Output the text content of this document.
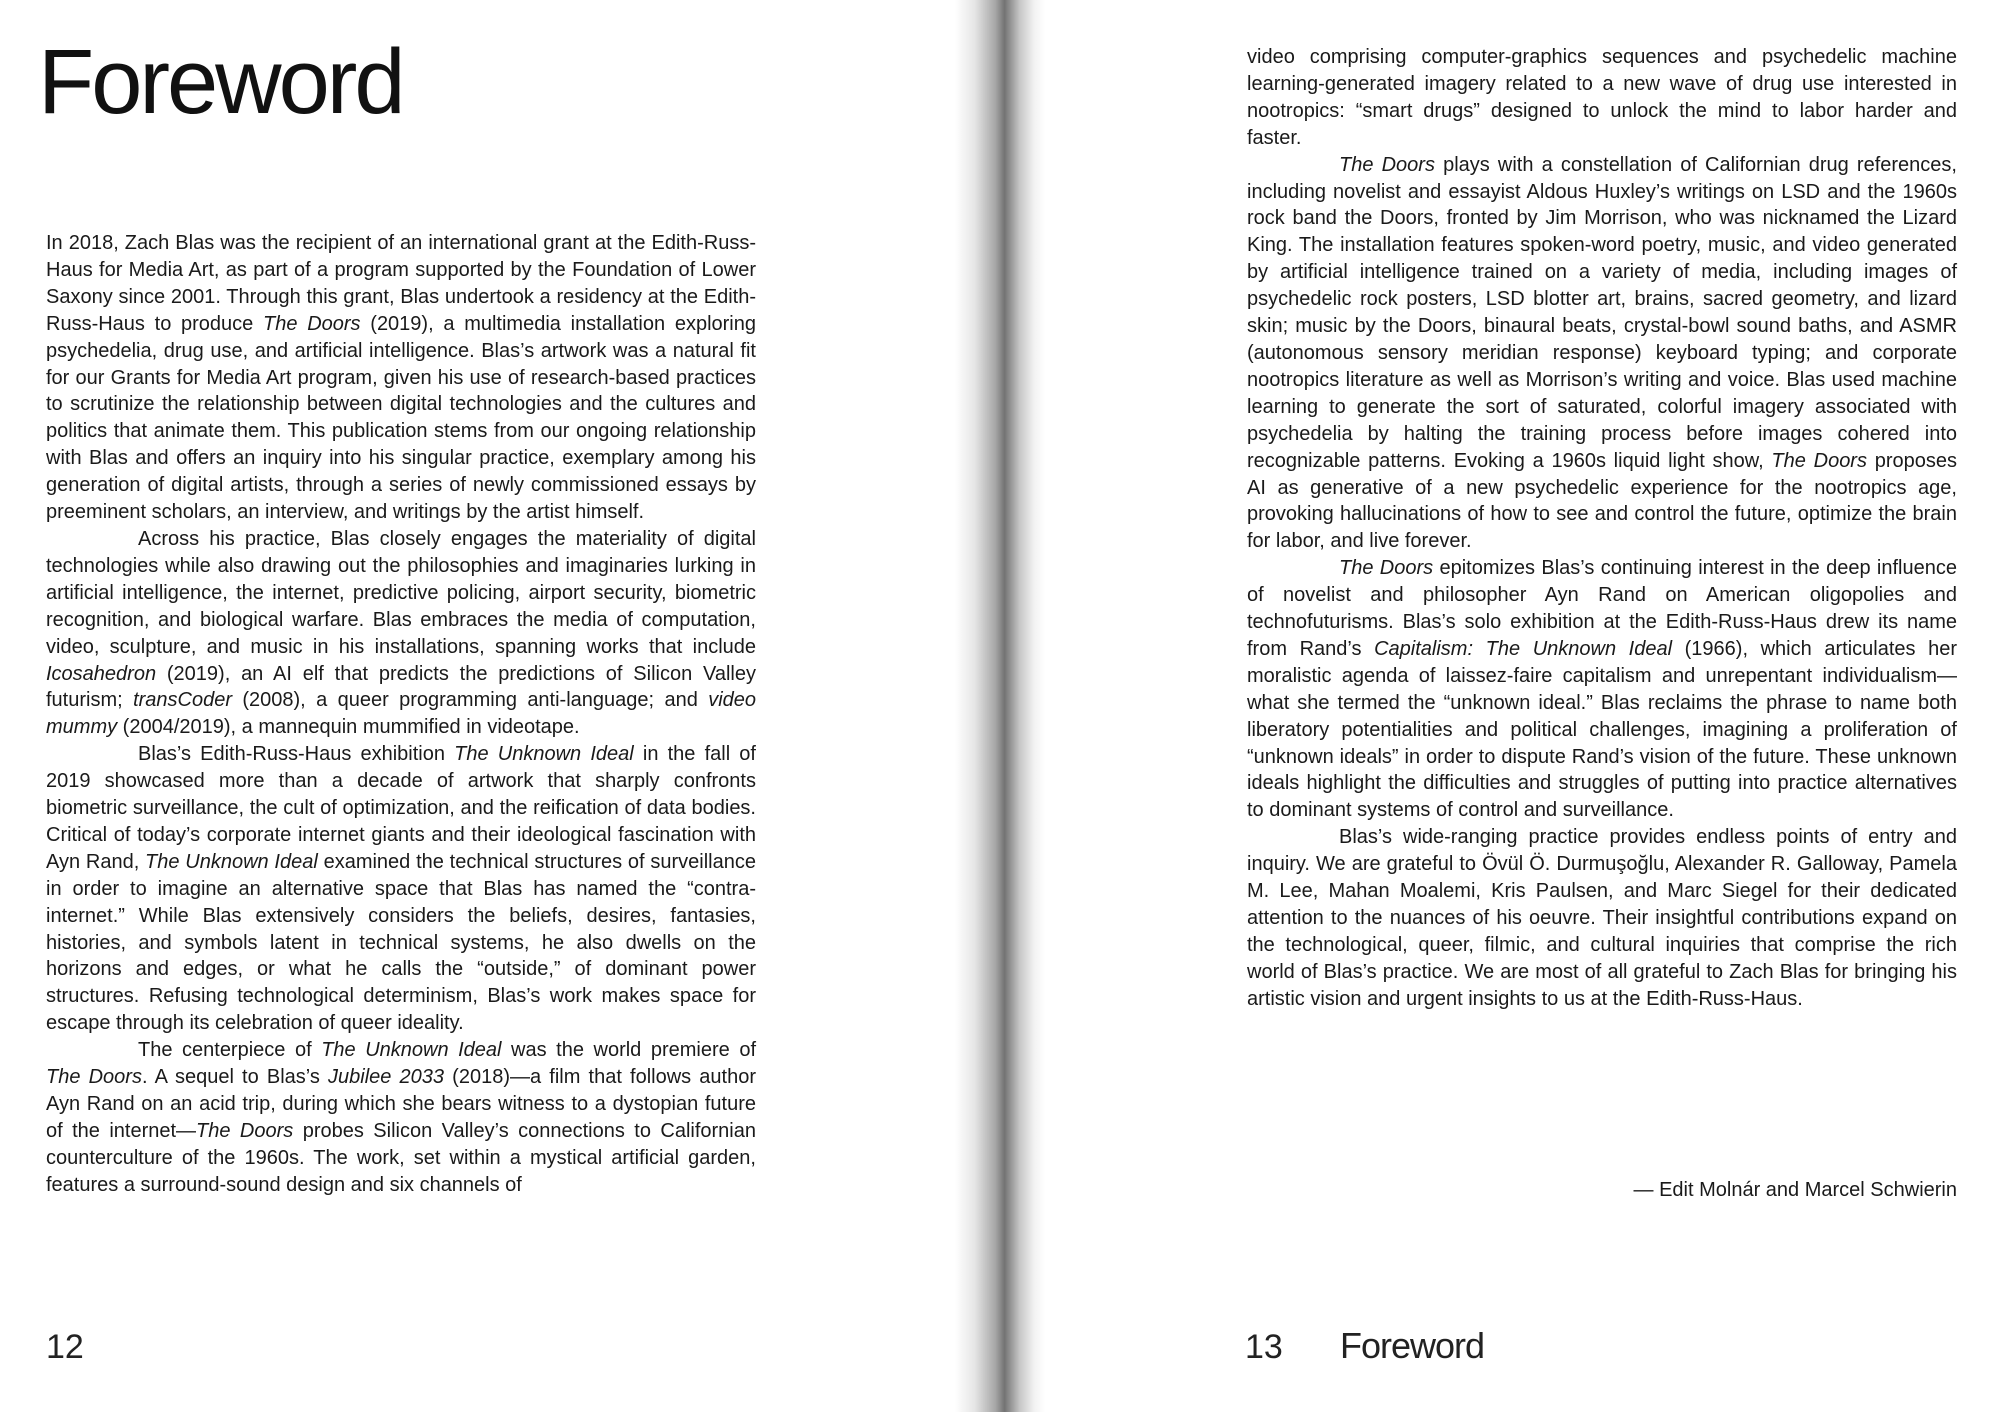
Foreword

In 2018, Zach Blas was the recipient of an international grant at the Edith-Russ-Haus for Media Art, as part of a program supported by the Foundation of Lower Saxony since 2001. Through this grant, Blas undertook a residency at the Edith-Russ-Haus to produce The Doors (2019), a multimedia installation exploring psychedelia, drug use, and artificial intelligence. Blas’s artwork was a natural fit for our Grants for Media Art program, given his use of research-based practices to scrutinize the relationship between digital technologies and the cultures and politics that animate them. This publication stems from our ongoing relationship with Blas and offers an inquiry into his singular practice, exemplary among his generation of digital artists, through a series of newly commissioned essays by preeminent scholars, an interview, and writings by the artist himself.

Across his practice, Blas closely engages the materiality of digital technologies while also drawing out the philosophies and imaginaries lurking in artificial intelligence, the internet, predictive policing, airport security, biometric recognition, and biological warfare. Blas embraces the media of computation, video, sculpture, and music in his installations, spanning works that include Icosahedron (2019), an AI elf that predicts the predictions of Silicon Valley futurism; transCoder (2008), a queer programming anti-language; and video mummy (2004/2019), a mannequin mummified in videotape.

Blas’s Edith-Russ-Haus exhibition The Unknown Ideal in the fall of 2019 showcased more than a decade of artwork that sharply confronts biometric surveillance, the cult of optimization, and the reification of data bodies. Critical of today’s corporate internet giants and their ideological fascination with Ayn Rand, The Unknown Ideal examined the technical structures of surveillance in order to imagine an alternative space that Blas has named the “contra-internet.” While Blas extensively considers the beliefs, desires, fantasies, histories, and symbols latent in technical systems, he also dwells on the horizons and edges, or what he calls the “outside,” of dominant power structures. Refusing technological determinism, Blas’s work makes space for escape through its celebration of queer ideality.

The centerpiece of The Unknown Ideal was the world premiere of The Doors. A sequel to Blas’s Jubilee 2033 (2018)—a film that follows author Ayn Rand on an acid trip, during which she bears witness to a dystopian future of the internet—The Doors probes Silicon Valley’s connections to Californian counterculture of the 1960s. The work, set within a mystical artificial garden, features a surround-sound design and six channels of

12

video comprising computer-graphics sequences and psychedelic machine learning-generated imagery related to a new wave of drug use interested in nootropics: “smart drugs” designed to unlock the mind to labor harder and faster.

The Doors plays with a constellation of Californian drug references, including novelist and essayist Aldous Huxley’s writings on LSD and the 1960s rock band the Doors, fronted by Jim Morrison, who was nicknamed the Lizard King. The installation features spoken-word poetry, music, and video generated by artificial intelligence trained on a variety of media, including images of psychedelic rock posters, LSD blotter art, brains, sacred geometry, and lizard skin; music by the Doors, binaural beats, crystal-bowl sound baths, and ASMR (autonomous sensory meridian response) keyboard typing; and corporate nootropics literature as well as Morrison’s writing and voice. Blas used machine learning to generate the sort of saturated, colorful imagery associated with psychedelia by halting the training process before images cohered into recognizable patterns. Evoking a 1960s liquid light show, The Doors proposes AI as generative of a new psychedelic experience for the nootropics age, provoking hallucinations of how to see and control the future, optimize the brain for labor, and live forever.

The Doors epitomizes Blas’s continuing interest in the deep influence of novelist and philosopher Ayn Rand on American oligopolies and technofuturisms. Blas’s solo exhibition at the Edith-Russ-Haus drew its name from Rand’s Capitalism: The Unknown Ideal (1966), which articulates her moralistic agenda of laissez-faire capitalism and unrepentant individualism—what she termed the “unknown ideal.” Blas reclaims the phrase to name both liberatory potentialities and political challenges, imagining a proliferation of “unknown ideals” in order to dispute Rand’s vision of the future. These unknown ideals highlight the difficulties and struggles of putting into practice alternatives to dominant systems of control and surveillance.

Blas’s wide-ranging practice provides endless points of entry and inquiry. We are grateful to Övül Ö. Durmuşoğlu, Alexander R. Galloway, Pamela M. Lee, Mahan Moalemi, Kris Paulsen, and Marc Siegel for their dedicated attention to the nuances of his oeuvre. Their insightful contributions expand on the technological, queer, filmic, and cultural inquiries that comprise the rich world of Blas’s practice. We are most of all grateful to Zach Blas for bringing his artistic vision and urgent insights to us at the Edith-Russ-Haus.

— Edit Molnár and Marcel Schwierin
13 Foreword
